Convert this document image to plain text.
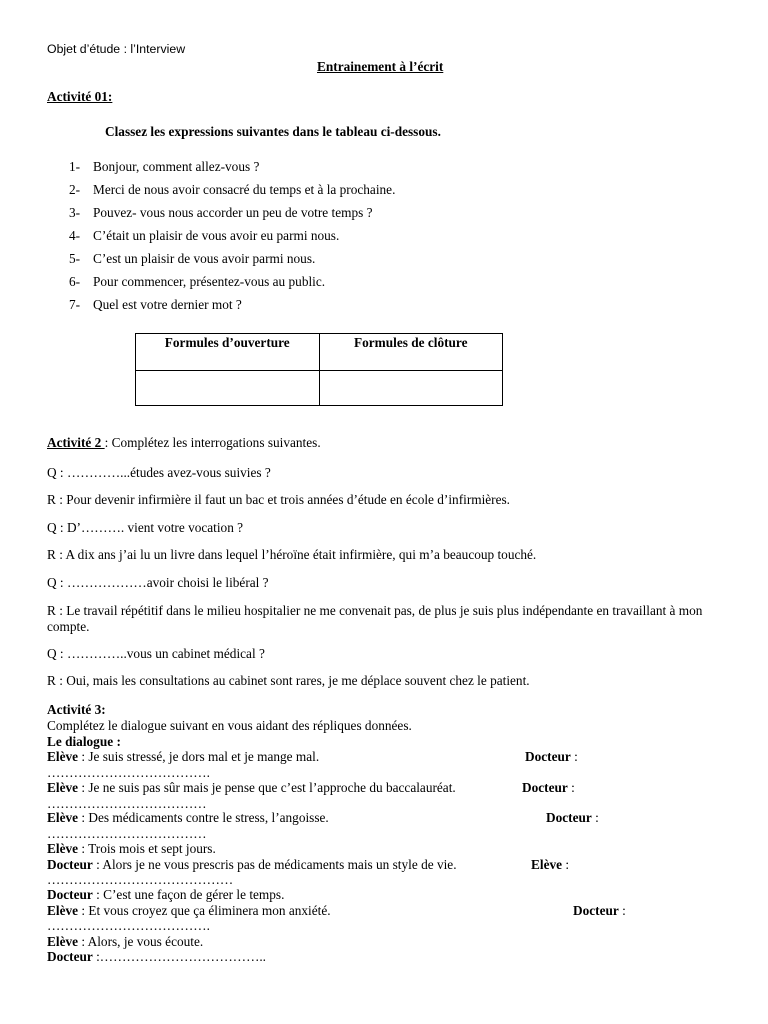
Objet d’étude : l’Interview
Entrainement à l’écrit
Activité 01:
Classez les expressions suivantes dans le tableau ci-dessous.
1- Bonjour, comment allez-vous ?
2- Merci de nous avoir consacré du temps et à la prochaine.
3- Pouvez- vous nous accorder un peu de votre temps ?
4- C’était un plaisir de vous avoir eu parmi nous.
5- C’est un plaisir de vous avoir parmi nous.
6- Pour commencer, présentez-vous au public.
7- Quel est votre dernier mot ?
Formules d’ouverture	Formules de clôture

Activité 2 : Complétez les interrogations suivantes.
Q : …………...études avez-vous suivies ?
R : Pour devenir infirmière il faut un bac et trois années d’étude en école d’infirmières.
Q : D’………. vient votre vocation ?
R : A dix ans j’ai lu un livre dans lequel l’héroïne était infirmière, qui m’a beaucoup touché.
Q : ………………avoir choisi le libéral ?
R : Le travail répétitif dans le milieu hospitalier ne me convenait pas, de plus je suis plus indépendante en travaillant à mon compte.
Q : …………..vous un cabinet médical ?
R : Oui, mais les consultations au cabinet sont rares, je me déplace souvent chez le patient.
Activité 3:
Complétez le dialogue suivant en vous aidant des répliques données.
Le dialogue :
Elève : Je suis stressé, je dors mal et je mange mal.	Docteur :
……………………………….
Elève : Je ne suis pas sûr mais je pense que c’est l’approche du baccalauréat.	Docteur :
………………………………
Elève : Des médicaments contre le stress, l’angoisse.	Docteur :
………………………………
Elève : Trois mois et sept jours.
Docteur : Alors je ne vous prescris pas de médicaments mais un style de vie.	Elève :
……………………………………
Docteur : C’est une façon de gérer le temps.
Elève : Et vous croyez que ça éliminera mon anxiété.	Docteur :
……………………………….
Elève : Alors, je vous écoute.
Docteur :………………………………..
